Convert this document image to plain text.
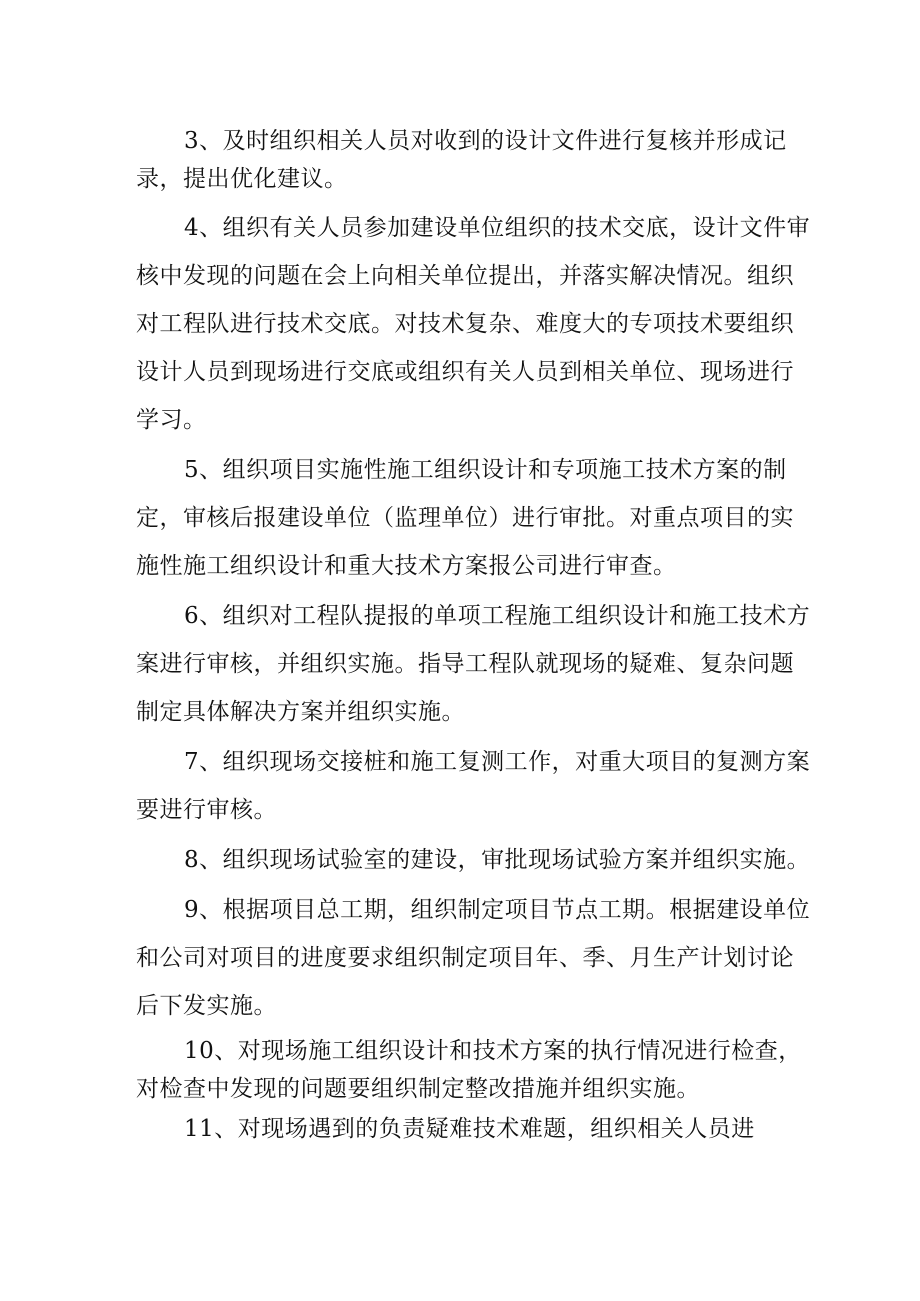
3、及时组织相关人员对收到的设计文件进行复核并形成记录，提出优化建议。

4、组织有关人员参加建设单位组织的技术交底，设计文件审核中发现的问题在会上向相关单位提出，并落实解决情况。组织对工程队进行技术交底。对技术复杂、难度大的专项技术要组织设计人员到现场进行交底或组织有关人员到相关单位、现场进行学习。

5、组织项目实施性施工组织设计和专项施工技术方案的制定，审核后报建设单位（监理单位）进行审批。对重点项目的实施性施工组织设计和重大技术方案报公司进行审查。

6、组织对工程队提报的单项工程施工组织设计和施工技术方案进行审核，并组织实施。指导工程队就现场的疑难、复杂问题制定具体解决方案并组织实施。

7、组织现场交接桩和施工复测工作，对重大项目的复测方案要进行审核。

8、组织现场试验室的建设，审批现场试验方案并组织实施。

9、根据项目总工期，组织制定项目节点工期。根据建设单位和公司对项目的进度要求组织制定项目年、季、月生产计划讨论后下发实施。

10、对现场施工组织设计和技术方案的执行情况进行检查，对检查中发现的问题要组织制定整改措施并组织实施。

11、对现场遇到的负责疑难技术难题，组织相关人员进
